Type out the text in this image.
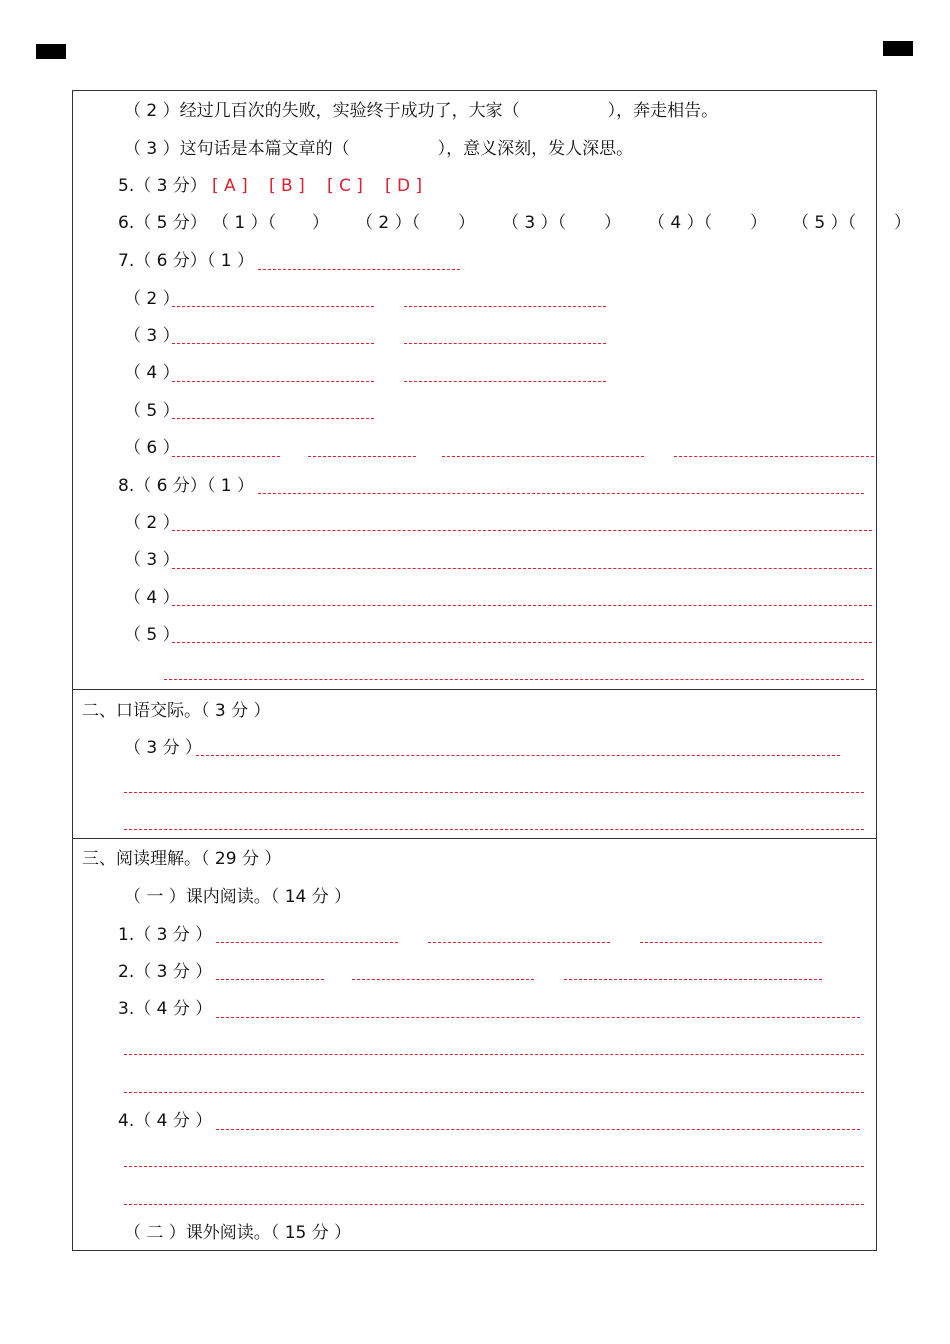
（ 2 ）经过几百次的失败，实验终于成功了，大家（	），奔走相告。
（ 3 ）这句话是本篇文章的（	），意义深刻，发人深思。
5.（ 3 分） [ A ] [ B ] [ C ] [ D ]
6.（ 5 分） （ 1 ）（ ） （ 2 ）（ ） （ 3 ）（ ） （ 4 ）（ ） （ 5 ）（ ）
7.（ 6 分）（ 1 ）
（ 2 ）
（ 3 ）
（ 4 ）
（ 5 ）
（ 6 ）
8.（ 6 分）（ 1 ）
（ 2 ）
（ 3 ）
（ 4 ）
（ 5 ）
二、口语交际。（ 3 分 ）
（ 3 分 ）
三、阅读理解。（ 29 分 ）
（ 一 ）课内阅读。（ 14 分 ）
1.（ 3 分 ）
2.（ 3 分 ）
3.（ 4 分 ）
4.（ 4 分 ）
（ 二 ）课外阅读。（ 15 分 ）
